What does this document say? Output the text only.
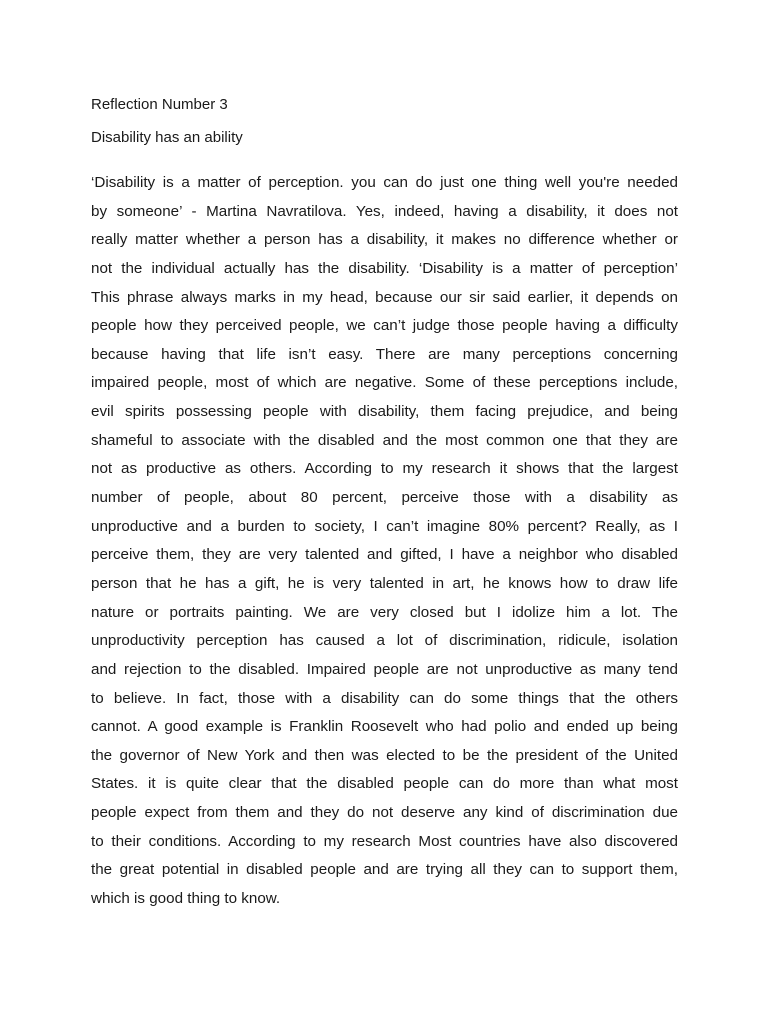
Reflection Number 3
Disability has an ability
‘Disability is a matter of perception. you can do just one thing well you're needed
by someone’ - Martina Navratilova. Yes, indeed, having a disability, it does not
really matter whether a person has a disability, it makes no difference whether or
not the individual actually has the disability. ‘Disability is a matter of perception’
This phrase always marks in my head, because our sir said earlier, it depends on
people how they perceived people, we can’t judge those people having a difficulty
because having that life isn’t easy. There are many perceptions concerning
impaired people, most of which are negative. Some of these perceptions include,
evil spirits possessing people with disability, them facing prejudice, and being
shameful to associate with the disabled and the most common one that they are
not as productive as others. According to my research it shows that the largest
number of people, about 80 percent, perceive those with a disability as
unproductive and a burden to society, I can’t imagine 80% percent? Really, as I
perceive them, they are very talented and gifted, I have a neighbor who disabled
person that he has a gift, he is very talented in art, he knows how to draw life
nature or portraits painting. We are very closed but I idolize him a lot. The
unproductivity perception has caused a lot of discrimination, ridicule, isolation
and rejection to the disabled. Impaired people are not unproductive as many tend
to believe. In fact, those with a disability can do some things that the others
cannot. A good example is Franklin Roosevelt who had polio and ended up being
the governor of New York and then was elected to be the president of the United
States. it is quite clear that the disabled people can do more than what most
people expect from them and they do not deserve any kind of discrimination due
to their conditions. According to my research Most countries have also discovered
the great potential in disabled people and are trying all they can to support them,
which is good thing to know.
